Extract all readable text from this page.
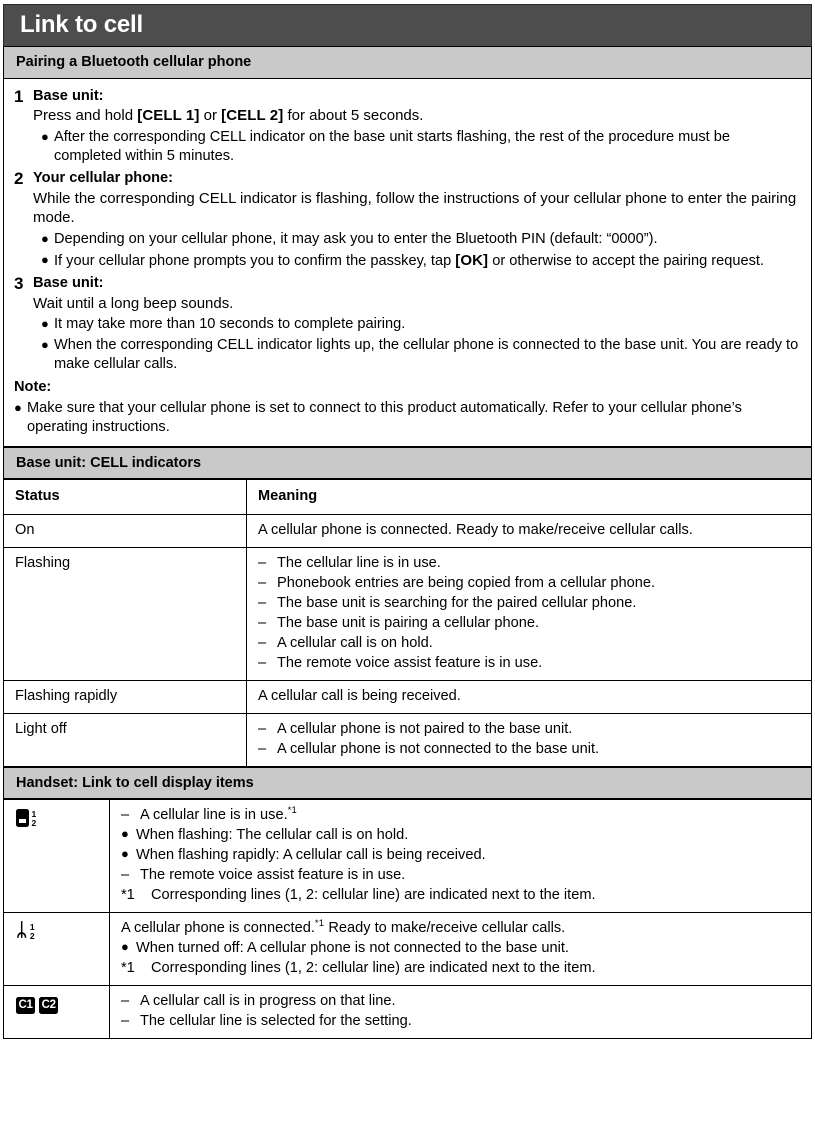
Link to cell
Pairing a Bluetooth cellular phone
1 Base unit:
Press and hold [CELL 1] or [CELL 2] for about 5 seconds.
● After the corresponding CELL indicator on the base unit starts flashing, the rest of the procedure must be completed within 5 minutes.
2 Your cellular phone:
While the corresponding CELL indicator is flashing, follow the instructions of your cellular phone to enter the pairing mode.
● Depending on your cellular phone, it may ask you to enter the Bluetooth PIN (default: “0000”).
● If your cellular phone prompts you to confirm the passkey, tap [OK] or otherwise to accept the pairing request.
3 Base unit:
Wait until a long beep sounds.
● It may take more than 10 seconds to complete pairing.
● When the corresponding CELL indicator lights up, the cellular phone is connected to the base unit. You are ready to make cellular calls.
Note:
● Make sure that your cellular phone is set to connect to this product automatically. Refer to your cellular phone’s operating instructions.
Base unit: CELL indicators
Status	Meaning
On	A cellular phone is connected. Ready to make/receive cellular calls.
Flashing	– The cellular line is in use.
– Phonebook entries are being copied from a cellular phone.
– The base unit is searching for the paired cellular phone.
– The base unit is pairing a cellular phone.
– A cellular call is on hold.
– The remote voice assist feature is in use.

Flashing rapidly	A cellular call is being received.
Light off	– A cellular phone is not paired to the base unit.
– A cellular phone is not connected to the base unit.
Handset: Link to cell display items
1
2	– A cellular line is in use.$^{*1}$
● When flashing: The cellular call is on hold.
● When flashing rapidly: A cellular call is being received.
– The remote voice assist feature is in use.
*1	Corresponding lines (1, 2: cellular line) are indicated next to the item.

ᛦ 1
2	A cellular phone is connected.$^{*1}$ Ready to make/receive cellular calls.
● When turned off: A cellular phone is not connected to the base unit.
*1	Corresponding lines (1, 2: cellular line) are indicated next to the item.

C1 C2	– A cellular call is in progress on that line.
– The cellular line is selected for the setting.
